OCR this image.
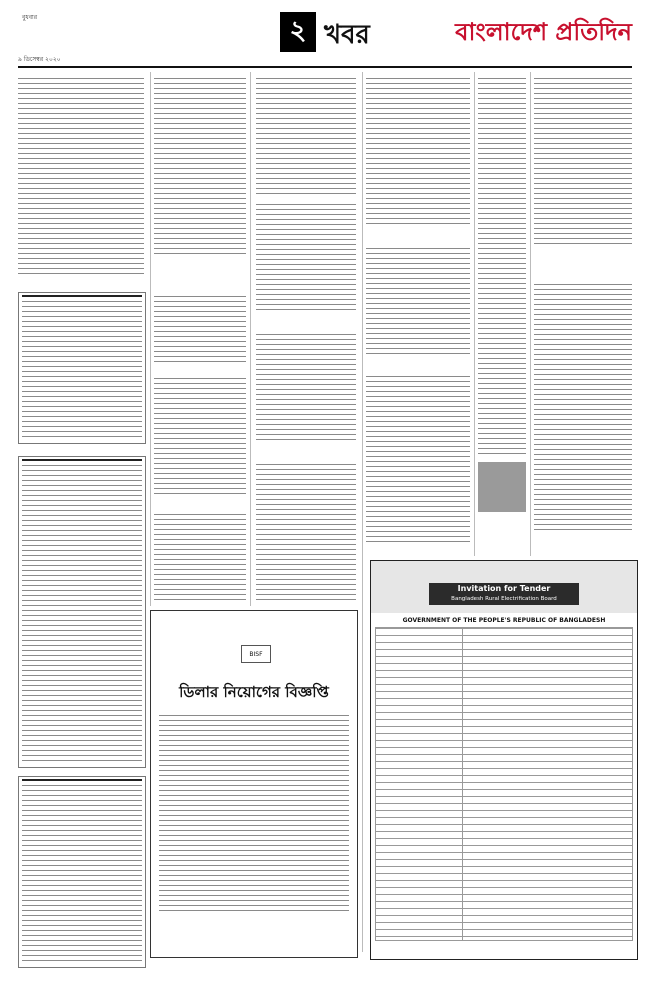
বুধবার
৯ ডিসেম্বর ২০২০
২ খবর	বাংলাদেশ প্রতিদিন
BISF
ডিলার নিয়োগের বিজ্ঞপ্তি
Invitation for Tender
Bangladesh Rural Electrification Board
GOVERNMENT OF THE PEOPLE'S REPUBLIC OF BANGLADESH
